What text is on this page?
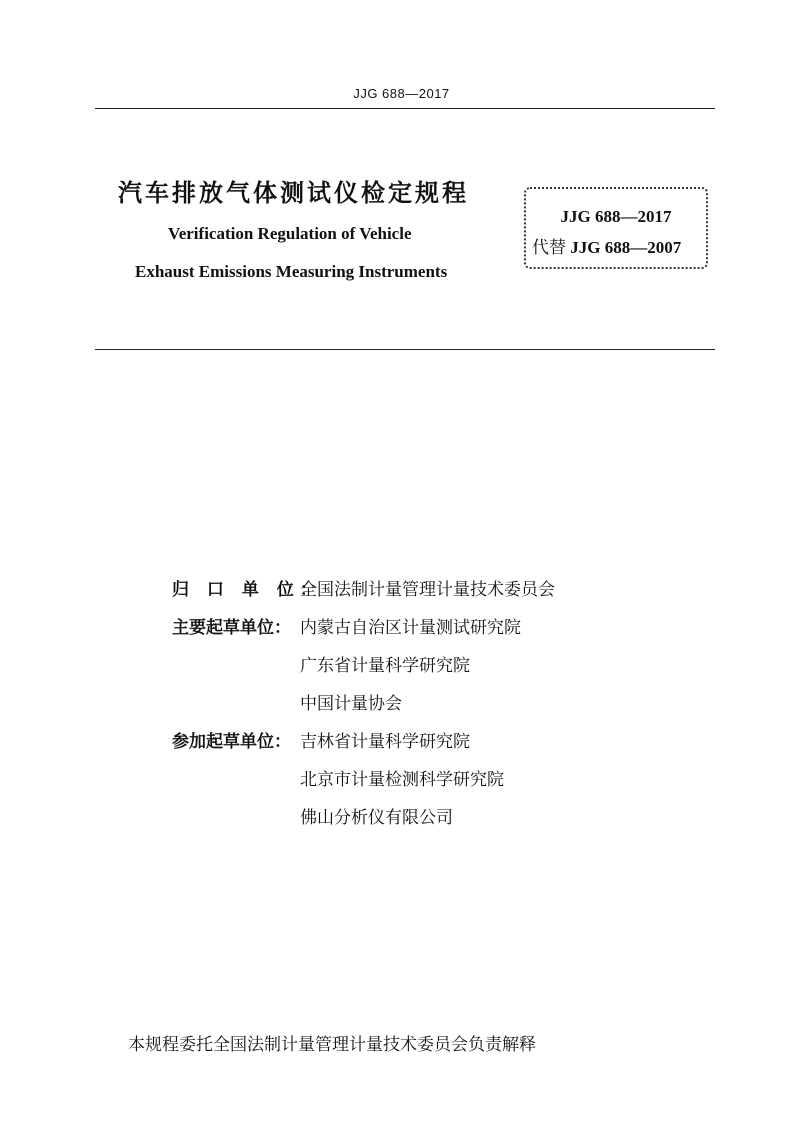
JJG 688—2017
汽车排放气体测试仪检定规程
Verification Regulation of Vehicle
Exhaust Emissions Measuring Instruments
JJG 688—2017
代替 JJG 688—2007
归 口 单 位：
全国法制计量管理计量技术委员会
主要起草单位： 内蒙古自治区计量测试研究院
广东省计量科学研究院
中国计量协会
参加起草单位： 吉林省计量科学研究院
北京市计量检测科学研究院
佛山分析仪有限公司
本规程委托全国法制计量管理计量技术委员会负责解释
